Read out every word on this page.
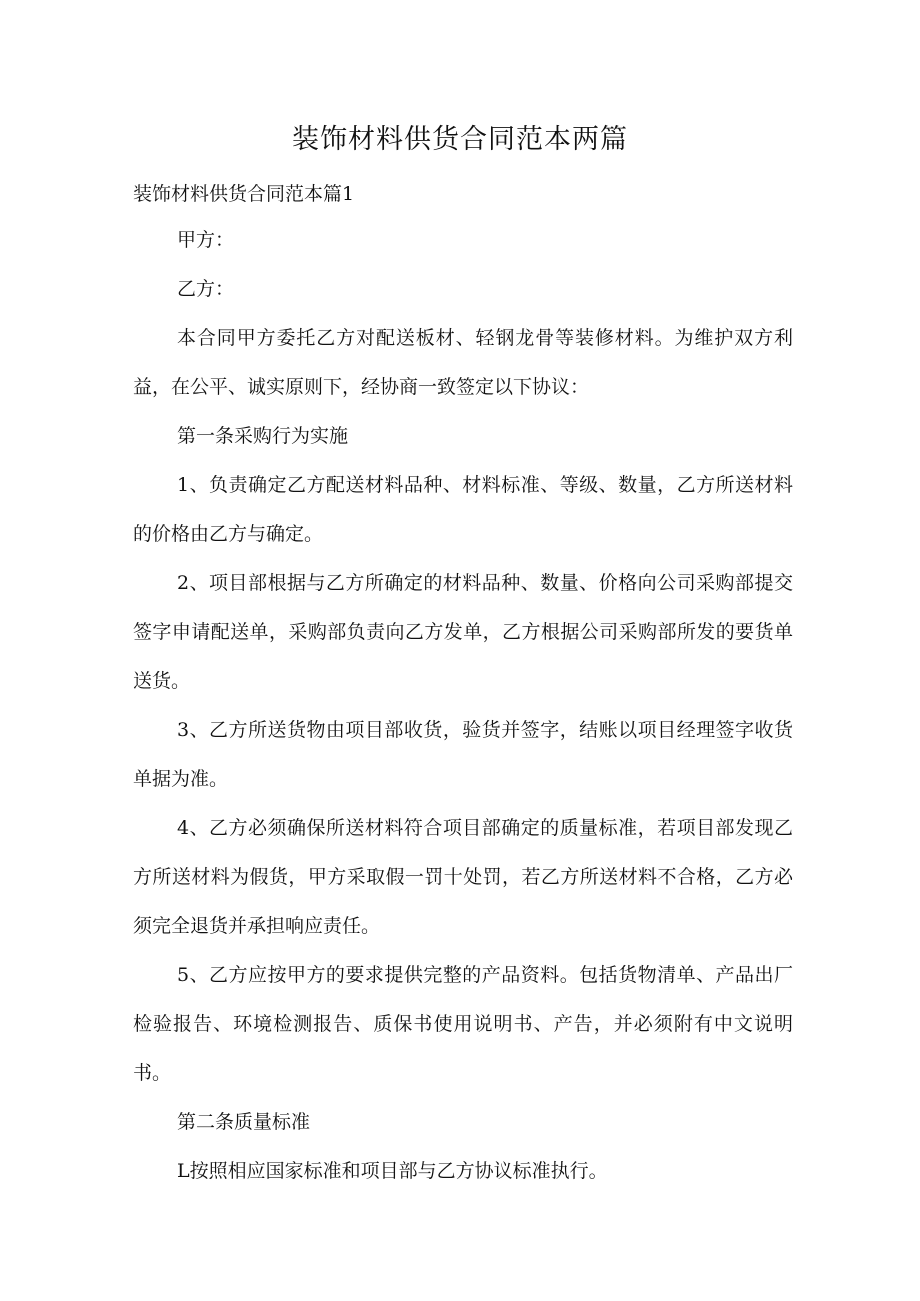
装饰材料供货合同范本两篇

装饰材料供货合同范本篇1

甲方：

乙方：

本合同甲方委托乙方对配送板材、轻钢龙骨等装修材料。为维护双方利益，在公平、诚实原则下，经协商一致签定以下协议：

第一条采购行为实施

1、负责确定乙方配送材料品种、材料标准、等级、数量，乙方所送材料的价格由乙方与确定。

2、项目部根据与乙方所确定的材料品种、数量、价格向公司采购部提交签字申请配送单，采购部负责向乙方发单，乙方根据公司采购部所发的要货单送货。

3、乙方所送货物由项目部收货，验货并签字，结账以项目经理签字收货单据为准。

4、乙方必须确保所送材料符合项目部确定的质量标准，若项目部发现乙方所送材料为假货，甲方采取假一罚十处罚，若乙方所送材料不合格，乙方必须完全退货并承担响应责任。

5、乙方应按甲方的要求提供完整的产品资料。包括货物清单、产品出厂检验报告、环境检测报告、质保书使用说明书、产告，并必须附有中文说明书。

第二条质量标准

L按照相应国家标准和项目部与乙方协议标准执行。
